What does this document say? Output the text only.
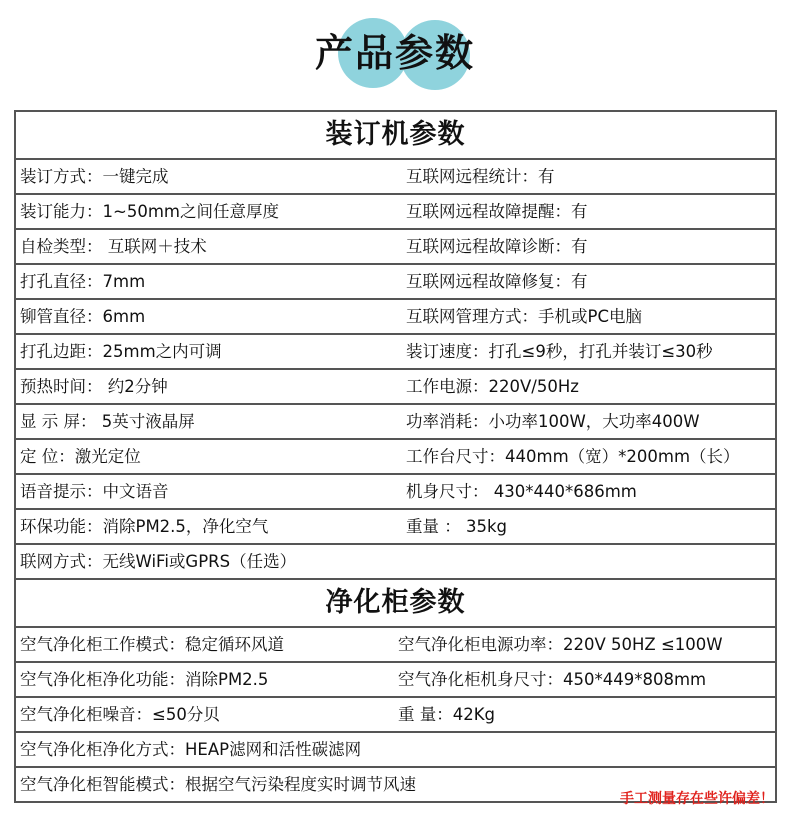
产品参数
装订机参数
装订方式：一键完成	互联网远程统计：有
装订能力：1~50mm之间任意厚度	互联网远程故障提醒：有
自检类型： 互联网＋技术	互联网远程故障诊断：有
打孔直径：7mm	互联网远程故障修复：有
铆管直径：6mm	互联网管理方式：手机或PC电脑
打孔边距：25mm之内可调	装订速度：打孔≤9秒，打孔并装订≤30秒
预热时间： 约2分钟	工作电源：220V/50Hz
显 示 屏： 5英寸液晶屏	功率消耗：小功率100W，大功率400W
定 位：激光定位	工作台尺寸：440mm（宽）*200mm（长）
语音提示：中文语音	机身尺寸： 430*440*686mm
环保功能：消除PM2.5，净化空气	重量 ： 35kg
联网方式：无线WiFi或GPRS（任选）
净化柜参数
空气净化柜工作模式：稳定循环风道	空气净化柜电源功率：220V 50HZ ≤100W
空气净化柜净化功能：消除PM2.5	空气净化柜机身尺寸：450*449*808mm
空气净化柜噪音：≤50分贝	重 量：42Kg
空气净化柜净化方式：HEAP滤网和活性碳滤网
空气净化柜智能模式：根据空气污染程度实时调节风速
手工测量存在些许偏差！
